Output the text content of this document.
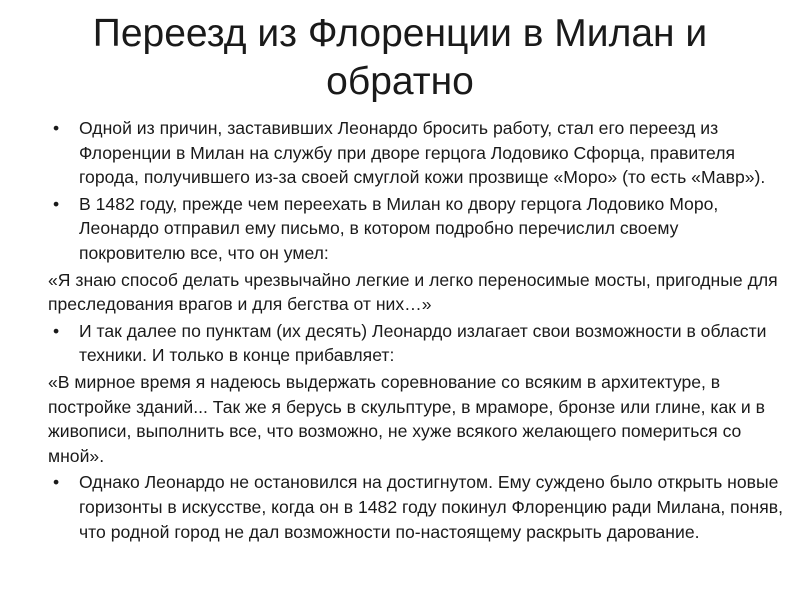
Переезд из Флоренции в Милан и обратно

•	Одной из причин, заставивших Леонардо бросить работу, стал его переезд из Флоренции в Милан на службу при дворе герцога Лодовико Сфорца, правителя города, получившего из-за своей смуглой кожи прозвище «Моро» (то есть «Мавр»).

•	В 1482 году, прежде чем переехать в Милан ко двору герцога Лодовико Моро, Леонардо отправил ему письмо, в котором подробно перечислил своему покровителю все, что он умел:

«Я знаю способ делать чрезвычайно легкие и легко переносимые мосты, пригодные для преследования врагов и для бегства от них…»

•	И так далее по пунктам (их десять) Леонардо излагает свои возможности в области техники. И только в конце прибавляет:

«В мирное время я надеюсь выдержать соревнование со всяким в архитектуре, в постройке зданий... Так же я берусь в скульптуре, в мраморе, бронзе или глине, как и в живописи, выполнить все, что возможно, не хуже всякого желающего помериться со мной».

•	Однако Леонардо не остановился на достигнутом. Ему суждено было открыть новые горизонты в искусстве, когда он в 1482 году покинул Флоренцию ради Милана, поняв, что родной город не дал возможности по-настоящему раскрыть дарование.
